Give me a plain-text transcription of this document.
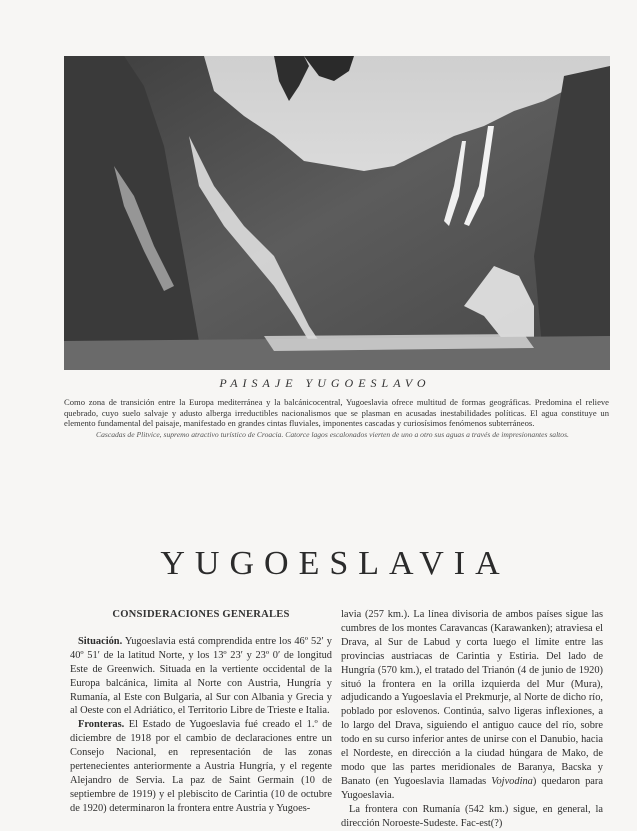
PAISAJE YUGOESLAVO
Como zona de transición entre la Europa mediterránea y la balcánicocentral, Yugoeslavia ofrece multitud de formas geográficas. Predomina el relieve quebrado, cuyo suelo salvaje y adusto alberga irreductibles nacionalismos que se plasman en acusadas inestabilidades políticas. El agua constituye un elemento fundamental del paisaje, manifestado en grandes cintas fluviales, imponentes cascadas y curiosísimos fenómenos subterráneos.
Cascadas de Plitvice, supremo atractivo turístico de Croacia. Catorce lagos escalonados vierten de uno a otro sus aguas a través de impresionantes saltos.
YUGOESLAVIA
CONSIDERACIONES GENERALES

Situación. Yugoeslavia está comprendida entre los 46º 52′ y 40º 51′ de la latitud Norte, y los 13º 23′ y 23º 0′ de longitud Este de Greenwich. Situada en la vertiente occidental de la Europa balcánica, limita al Norte con Austria, Hungría y Rumanía, al Este con Bulgaria, al Sur con Albania y Grecia y al Oeste con el Adriático, el Territorio Libre de Trieste e Italia.

Fronteras. El Estado de Yugoeslavia fué creado el 1.º de diciembre de 1918 por el cambio de declaraciones entre un Consejo Nacional, en representación de las zonas pertenecientes anteriormente a Austria Hungría, y el regente Alejandro de Servia. La paz de Saint Germain (10 de septiembre de 1919) y el plebiscito de Carintia (10 de octubre de 1920) determinaron la frontera entre Austria y Yugoes-

lavia (257 km.). La línea divisoria de ambos países sigue las cumbres de los montes Caravancas (Karawanken); atraviesa el Drava, al Sur de Labud y corta luego el límite entre las provincias austriacas de Carintia y Estiria. Del lado de Hungría (570 km.), el tratado del Trianón (4 de junio de 1920) situó la frontera en la orilla izquierda del Mur (Mura), adjudicando a Yugoeslavia el Prekmurje, al Norte de dicho río, poblado por eslovenos. Continúa, salvo ligeras inflexiones, a lo largo del Drava, siguiendo el antiguo cauce del río, sobre todo en su curso inferior antes de unirse con el Danubio, hacia el Nordeste, en dirección a la ciudad húngara de Mako, de modo que las partes meridionales de Baranya, Bacska y Banato (en Yugoeslavia llamadas Vojvodina) quedaron para Yugoeslavia.

La frontera con Rumanía (542 km.) sigue, en general, la dirección Noroeste-Sudeste. Fac-est(?)
